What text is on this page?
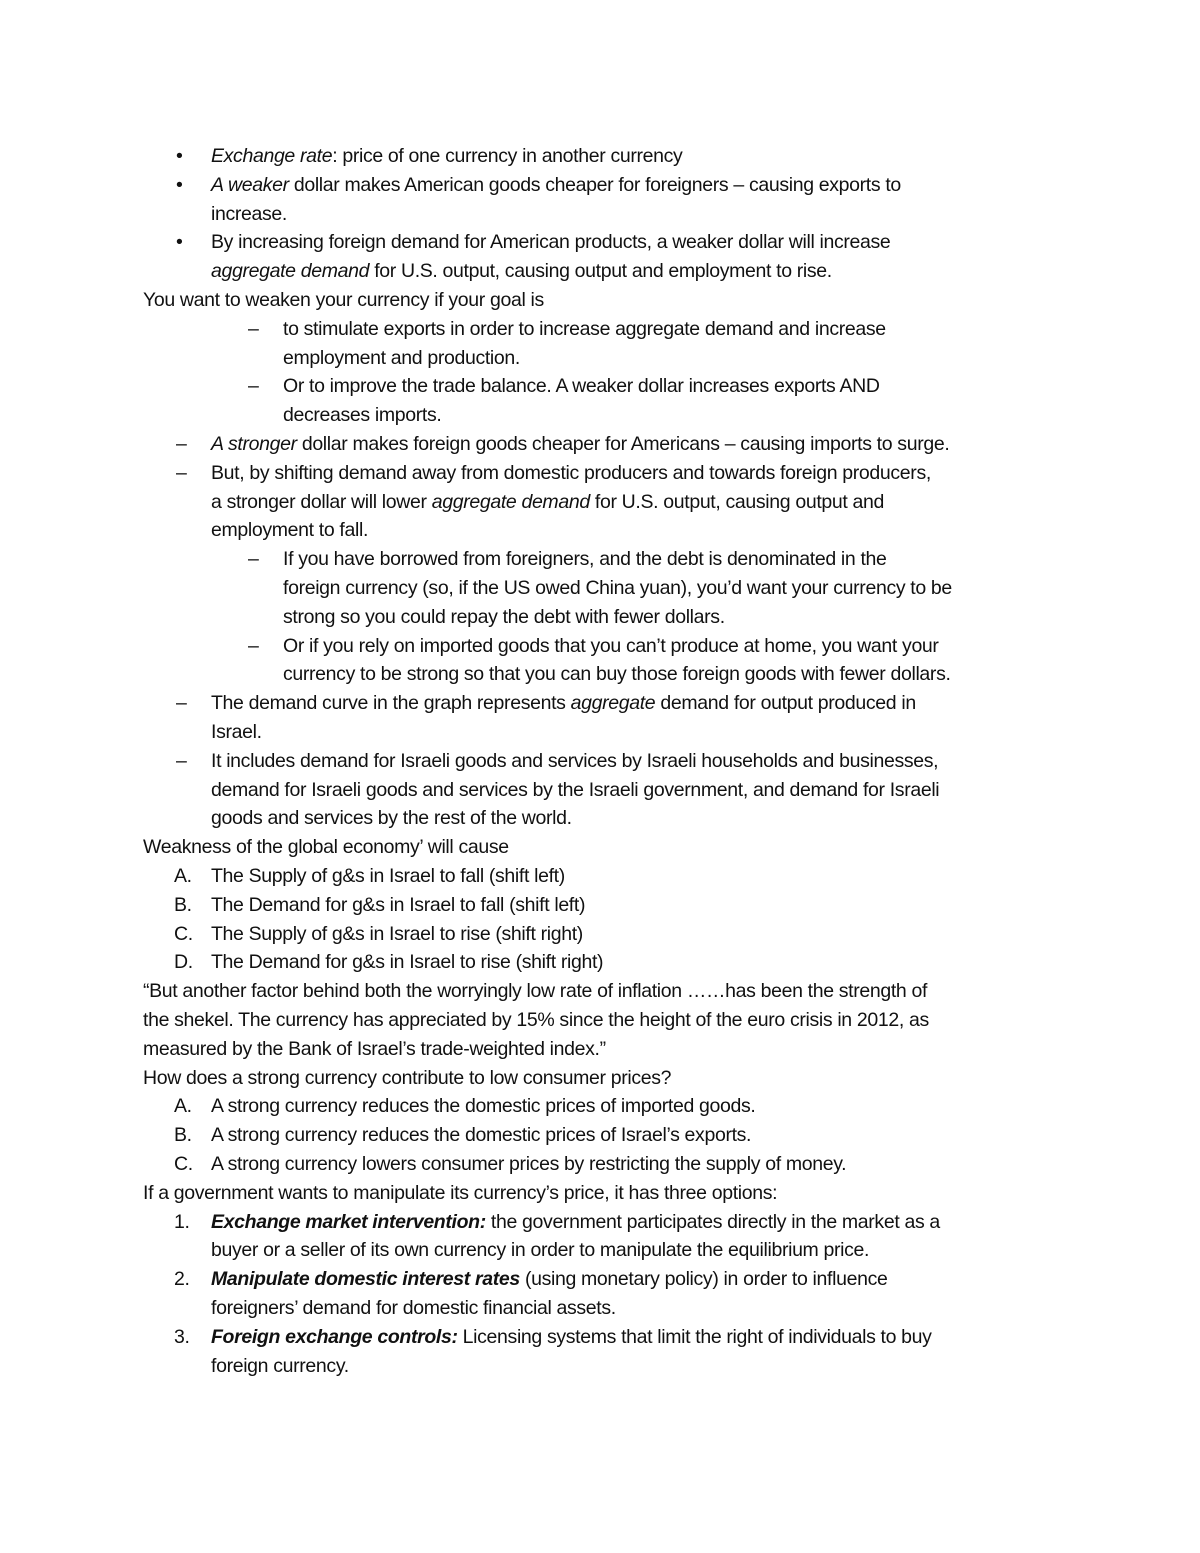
• Exchange rate: price of one currency in another currency
• A weaker dollar makes American goods cheaper for foreigners – causing exports to
increase.
• By increasing foreign demand for American products, a weaker dollar will increase
aggregate demand for U.S. output, causing output and employment to rise.
You want to weaken your currency if your goal is
– to stimulate exports in order to increase aggregate demand and increase
employment and production.
– Or to improve the trade balance. A weaker dollar increases exports AND
decreases imports.
– A stronger dollar makes foreign goods cheaper for Americans – causing imports to surge.
– But, by shifting demand away from domestic producers and towards foreign producers,
a stronger dollar will lower aggregate demand for U.S. output, causing output and
employment to fall.
– If you have borrowed from foreigners, and the debt is denominated in the
foreign currency (so, if the US owed China yuan), you’d want your currency to be
strong so you could repay the debt with fewer dollars.
– Or if you rely on imported goods that you can’t produce at home, you want your
currency to be strong so that you can buy those foreign goods with fewer dollars.
– The demand curve in the graph represents aggregate demand for output produced in
Israel.
– It includes demand for Israeli goods and services by Israeli households and businesses,
demand for Israeli goods and services by the Israeli government, and demand for Israeli
goods and services by the rest of the world.
Weakness of the global economy’ will cause
A. The Supply of g&s in Israel to fall (shift left)
B. The Demand for g&s in Israel to fall (shift left)
C. The Supply of g&s in Israel to rise (shift right)
D. The Demand for g&s in Israel to rise (shift right)
“But another factor behind both the worryingly low rate of inflation ……has been the strength of
the shekel. The currency has appreciated by 15% since the height of the euro crisis in 2012, as
measured by the Bank of Israel’s trade-weighted index.”
How does a strong currency contribute to low consumer prices?
A. A strong currency reduces the domestic prices of imported goods.
B. A strong currency reduces the domestic prices of Israel’s exports.
C. A strong currency lowers consumer prices by restricting the supply of money.
If a government wants to manipulate its currency’s price, it has three options:
1. Exchange market intervention: the government participates directly in the market as a
buyer or a seller of its own currency in order to manipulate the equilibrium price.
2. Manipulate domestic interest rates (using monetary policy) in order to influence
foreigners’ demand for domestic financial assets.
3. Foreign exchange controls: Licensing systems that limit the right of individuals to buy
foreign currency.
